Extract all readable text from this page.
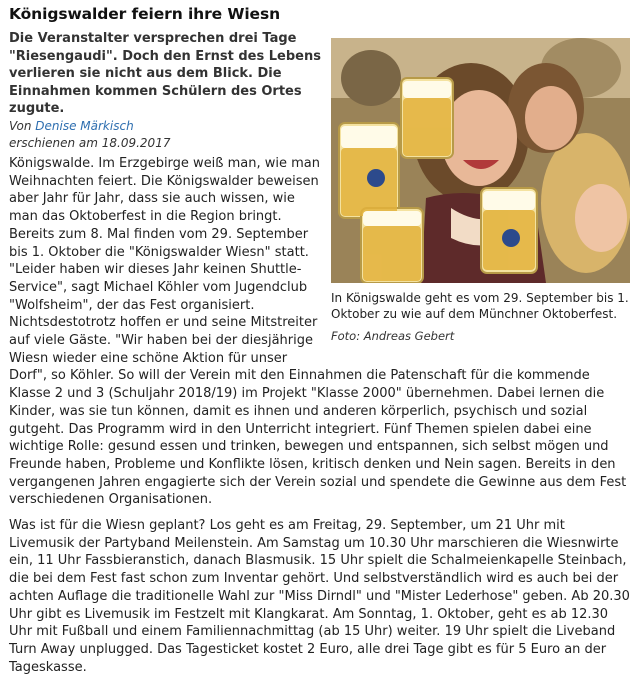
Königswalder feiern ihre Wiesn
Die Veranstalter versprechen drei Tage "Riesengaudi". Doch den Ernst des Lebens verlieren sie nicht aus dem Blick. Die Einnahmen kommen Schülern des Ortes zugute.
Von Denise Märkisch
erschienen am 18.09.2017
In Königswalde geht es vom 29. September bis 1. Oktober zu wie auf dem Münchner Oktoberfest.
Foto: Andreas Gebert

Königswalde. Im Erzgebirge weiß man, wie man Weihnachten feiert. Die Königswalder beweisen aber Jahr für Jahr, dass sie auch wissen, wie man das Oktoberfest in die Region bringt. Bereits zum 8. Mal finden vom 29. September bis 1. Oktober die "Königswalder Wiesn" statt. "Leider haben wir dieses Jahr keinen Shuttle-Service", sagt Michael Köhler vom Jugendclub "Wolfsheim", der das Fest organisiert. Nichtsdestotrotz hoffen er und seine Mitstreiter auf viele Gäste. "Wir haben bei der diesjährige Wiesn wieder eine schöne Aktion für unser Dorf", so Köhler. So will der Verein mit den Einnahmen die Patenschaft für die kommende Klasse 2 und 3 (Schuljahr 2018/19) im Projekt "Klasse 2000" übernehmen. Dabei lernen die Kinder, was sie tun können, damit es ihnen und anderen körperlich, psychisch und sozial gutgeht. Das Programm wird in den Unterricht integriert. Fünf Themen spielen dabei eine wichtige Rolle: gesund essen und trinken, bewegen und entspannen, sich selbst mögen und Freunde haben, Probleme und Konflikte lösen, kritisch denken und Nein sagen. Bereits in den vergangenen Jahren engagierte sich der Verein sozial und spendete die Gewinne aus dem Fest verschiedenen Organisationen.

Was ist für die Wiesn geplant? Los geht es am Freitag, 29. September, um 21 Uhr mit Livemusik der Partyband Meilenstein. Am Samstag um 10.30 Uhr marschieren die Wiesnwirte ein, 11 Uhr Fassbieranstich, danach Blasmusik. 15 Uhr spielt die Schalmeienkapelle Steinbach, die bei dem Fest fast schon zum Inventar gehört. Und selbstverständlich wird es auch bei der achten Auflage die traditionelle Wahl zur "Miss Dirndl" und "Mister Lederhose" geben. Ab 20.30 Uhr gibt es Livemusik im Festzelt mit Klangkarat. Am Sonntag, 1. Oktober, geht es ab 12.30 Uhr mit Fußball und einem Familiennachmittag (ab 15 Uhr) weiter. 19 Uhr spielt die Liveband Turn Away unplugged. Das Tagesticket kostet 2 Euro, alle drei Tage gibt es für 5 Euro an der Tageskasse.
